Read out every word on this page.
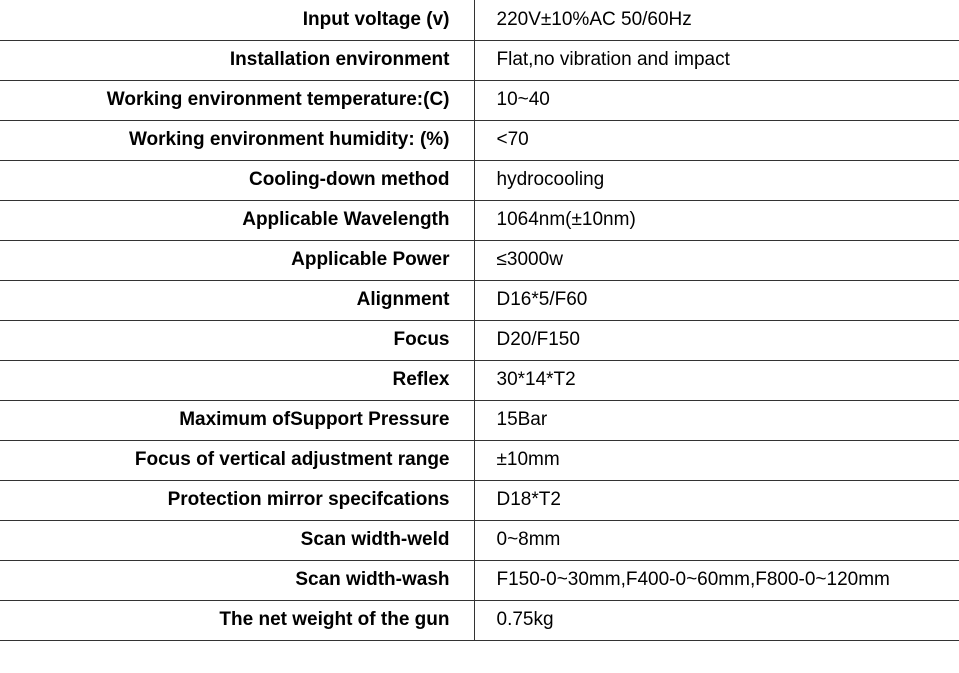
Input voltage (v)	220V±10%AC 50/60Hz
Installation environment	Flat,no vibration and impact
Working environment temperature:(C)	10~40
Working environment humidity: (%)	<70
Cooling-down method	hydrocooling
Applicable Wavelength	1064nm(±10nm)
Applicable Power	≤3000w
Alignment	D16*5/F60
Focus	D20/F150
Reflex	30*14*T2
Maximum ofSupport Pressure	15Bar
Focus of vertical adjustment range	±10mm
Protection mirror specifcations	D18*T2
Scan width-weld	0~8mm
Scan width-wash	F150-0~30mm,F400-0~60mm,F800-0~120mm
The net weight of the gun	0.75kg
